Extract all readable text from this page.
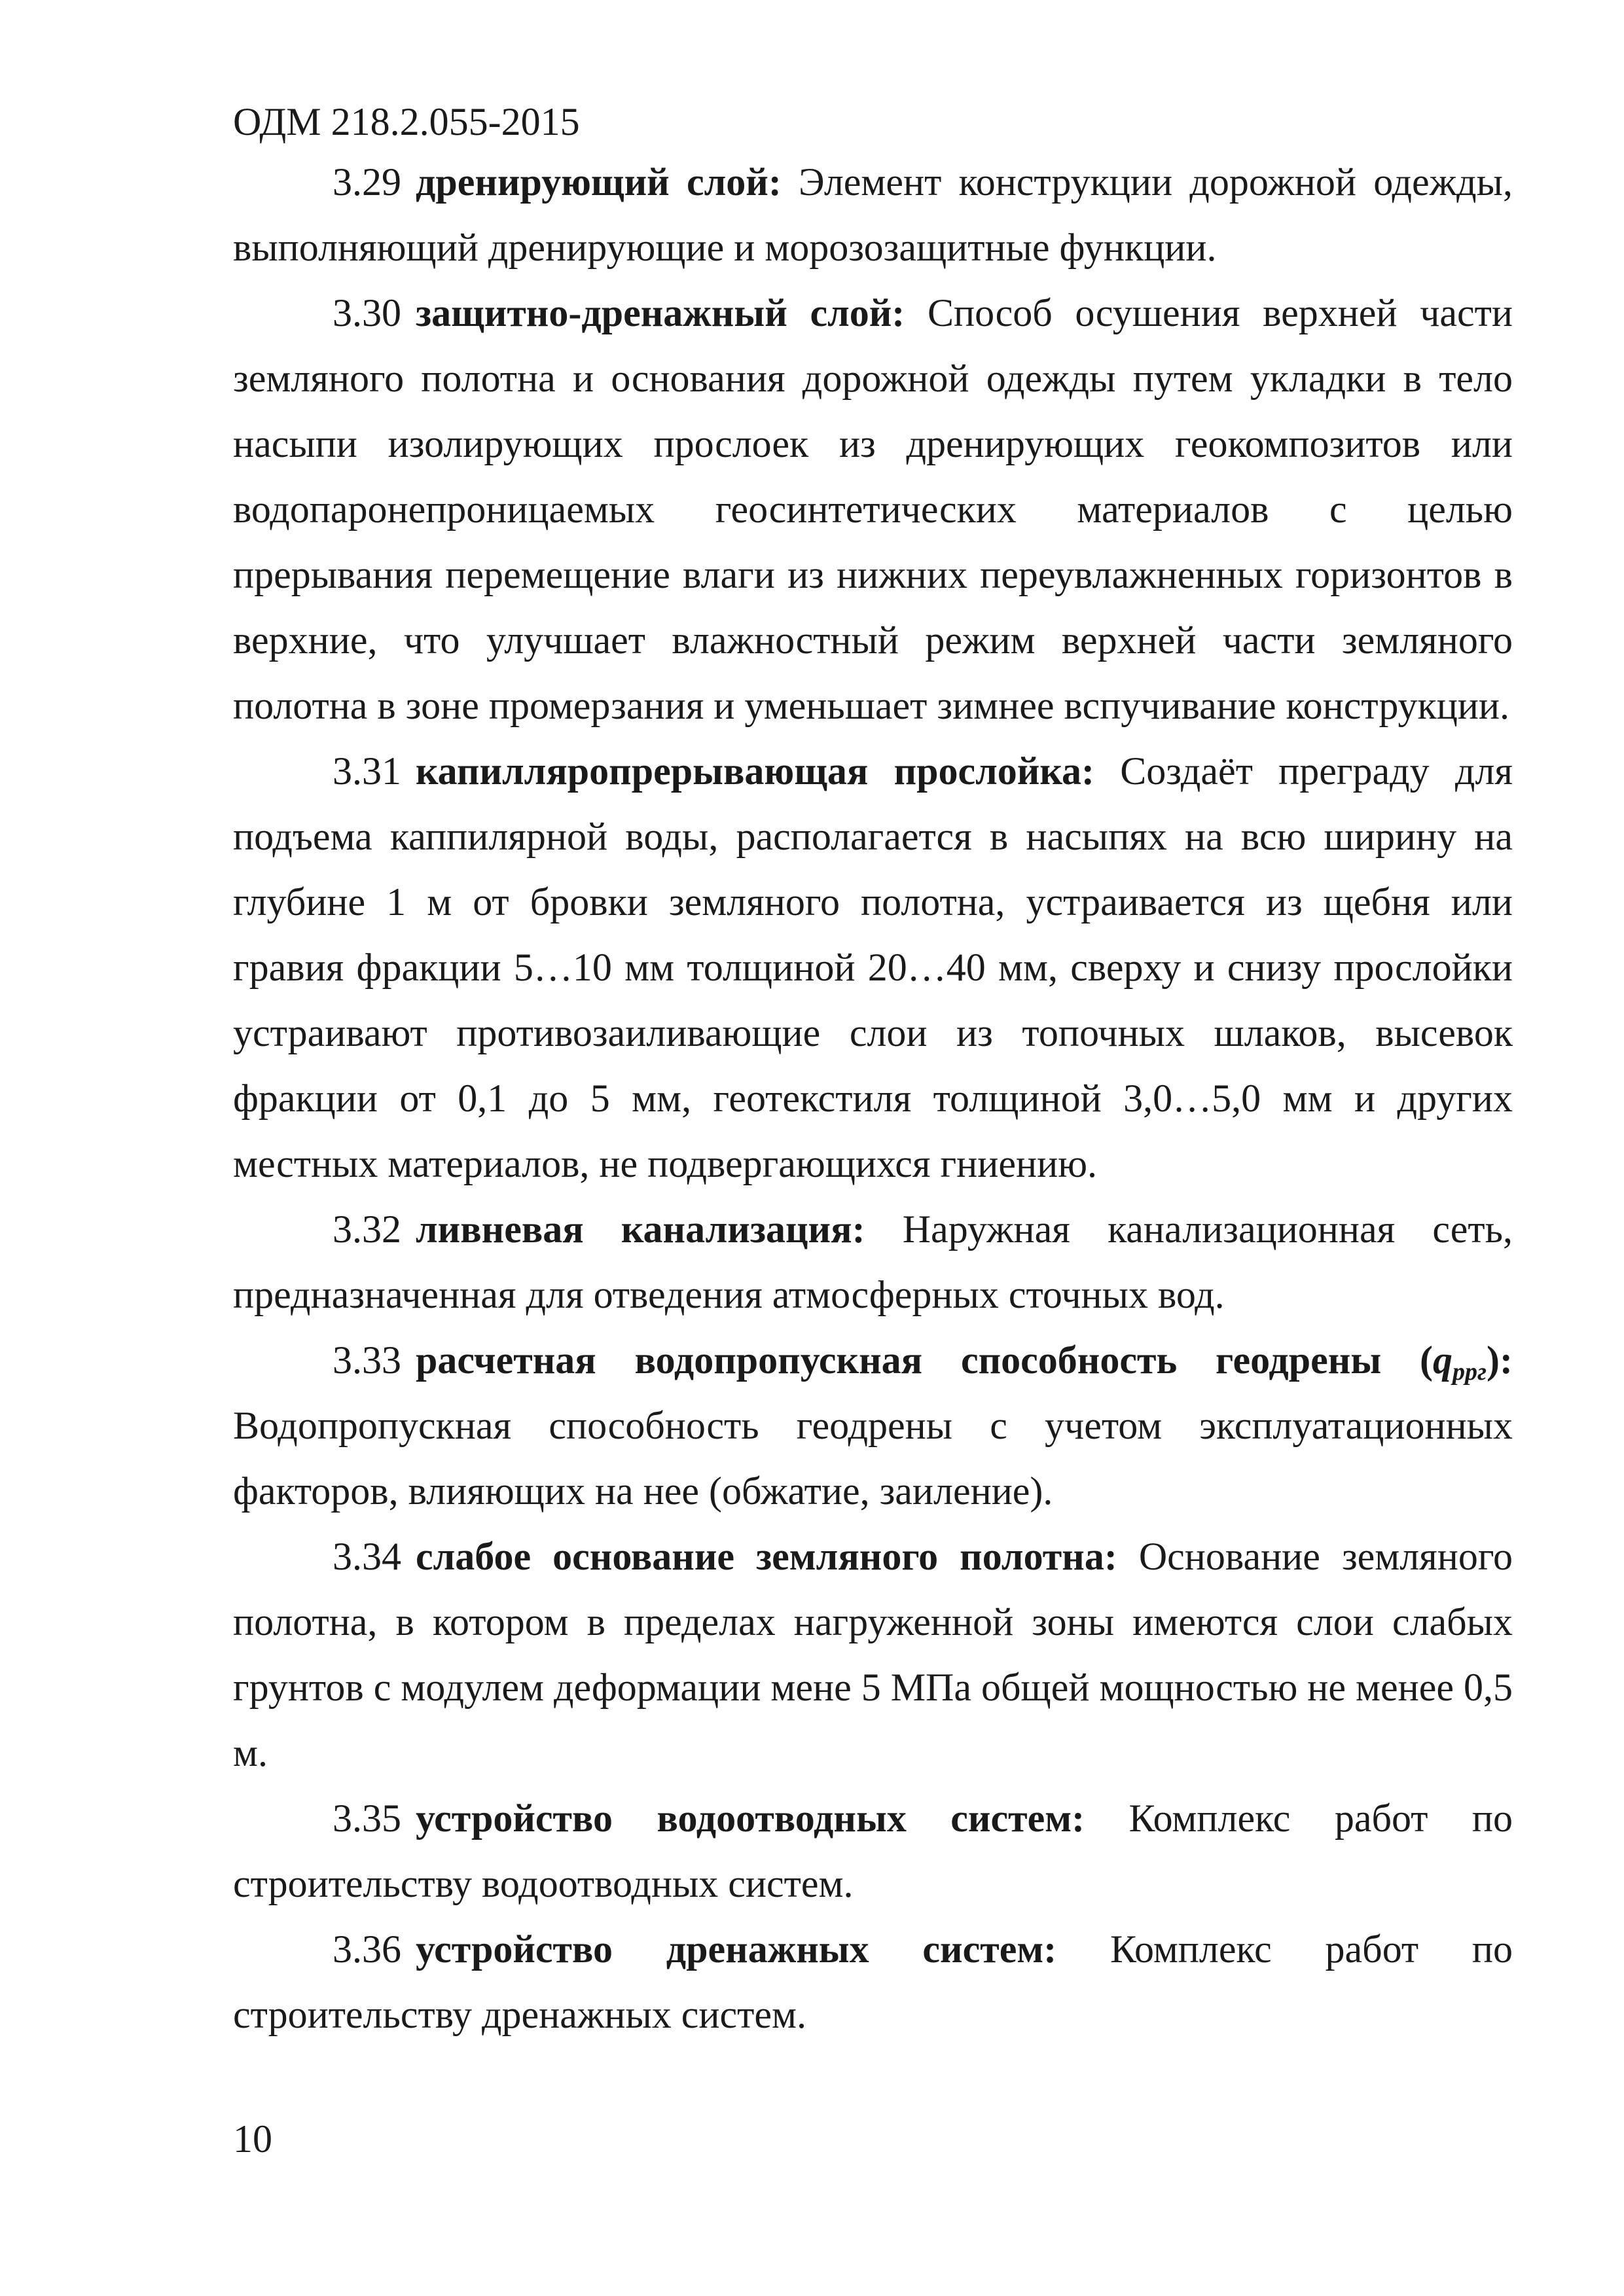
ОДМ 218.2.055-2015

3.29 дренирующий слой: Элемент конструкции дорожной одежды, выполняющий дренирующие и морозозащитные функции.

3.30 защитно-дренажный слой: Способ осушения верхней части земляного полотна и основания дорожной одежды путем укладки в тело насыпи изолирующих прослоек из дренирующих геокомпозитов или водопаронепроницаемых геосинтетических материалов с целью прерывания перемещение влаги из нижних переувлажненных горизонтов в верхние, что улучшает влажностный режим верхней части земляного полотна в зоне промерзания и уменьшает зимнее вспучивание конструкции.

3.31 капилляропрерывающая прослойка: Создаёт преграду для подъема каппилярной воды, располагается в насыпях на всю ширину на глубине 1 м от бровки земляного полотна, устраивается из щебня или гравия фракции 5…10 мм толщиной 20…40 мм, сверху и снизу прослойки устраивают противозаиливающие слои из топочных шлаков, высевок фракции от 0,1 до 5 мм, геотекстиля толщиной 3,0…5,0 мм и других местных материалов, не подвергающихся гниению.

3.32 ливневая канализация: Наружная канализационная сеть, предназначенная для отведения атмосферных сточных вод.

3.33 расчетная водопропускная способность геодрены $(q_{ppг})$: Водопропускная способность геодрены с учетом эксплуатационных факторов, влияющих на нее (обжатие, заиление).

3.34 слабое основание земляного полотна: Основание земляного полотна, в котором в пределах нагруженной зоны имеются слои слабых грунтов с модулем деформации мене 5 МПа общей мощностью не менее 0,5 м.

3.35 устройство водоотводных систем: Комплекс работ по строительству водоотводных систем.

3.36 устройство дренажных систем: Комплекс работ по строительству дренажных систем.

10
